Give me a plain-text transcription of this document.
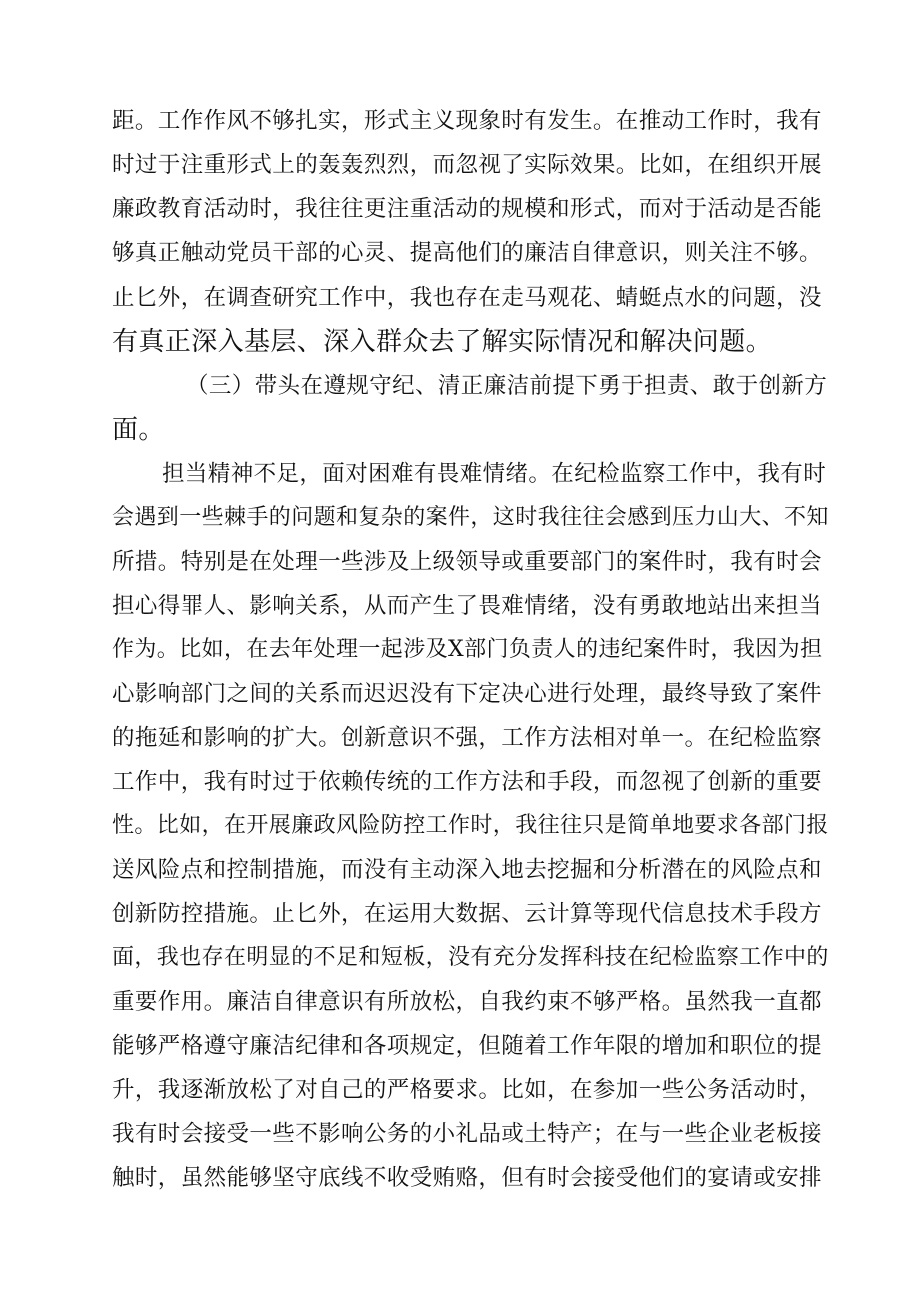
距。工作作风不够扎实，形式主义现象时有发生。在推动工作时，我有

时过于注重形式上的轰轰烈烈，而忽视了实际效果。比如，在组织开展

廉政教育活动时，我往往更注重活动的规模和形式，而对于活动是否能

够真正触动党员干部的心灵、提高他们的廉洁自律意识，则关注不够。

止匕外，在调查研究工作中，我也存在走马观花、蜻蜓点水的问题，没

有真正深入基层、深入群众去了解实际情况和解决问题。

（三）带头在遵规守纪、清正廉洁前提下勇于担责、敢于创新方

面。

担当精神不足，面对困难有畏难情绪。在纪检监察工作中，我有时

会遇到一些棘手的问题和复杂的案件，这时我往往会感到压力山大、不知

所措。特别是在处理一些涉及上级领导或重要部门的案件时，我有时会

担心得罪人、影响关系，从而产生了畏难情绪，没有勇敢地站出来担当

作为。比如，在去年处理一起涉及X部门负责人的违纪案件时，我因为担

心影响部门之间的关系而迟迟没有下定决心进行处理，最终导致了案件

的拖延和影响的扩大。创新意识不强，工作方法相对单一。在纪检监察

工作中，我有时过于依赖传统的工作方法和手段，而忽视了创新的重要

性。比如，在开展廉政风险防控工作时，我往往只是简单地要求各部门报

送风险点和控制措施，而没有主动深入地去挖掘和分析潜在的风险点和

创新防控措施。止匕外，在运用大数据、云计算等现代信息技术手段方

面，我也存在明显的不足和短板，没有充分发挥科技在纪检监察工作中的

重要作用。廉洁自律意识有所放松，自我约束不够严格。虽然我一直都

能够严格遵守廉洁纪律和各项规定，但随着工作年限的增加和职位的提

升，我逐渐放松了对自己的严格要求。比如，在参加一些公务活动时，

我有时会接受一些不影响公务的小礼品或土特产；在与一些企业老板接

触时，虽然能够坚守底线不收受贿赂，但有时会接受他们的宴请或安排
